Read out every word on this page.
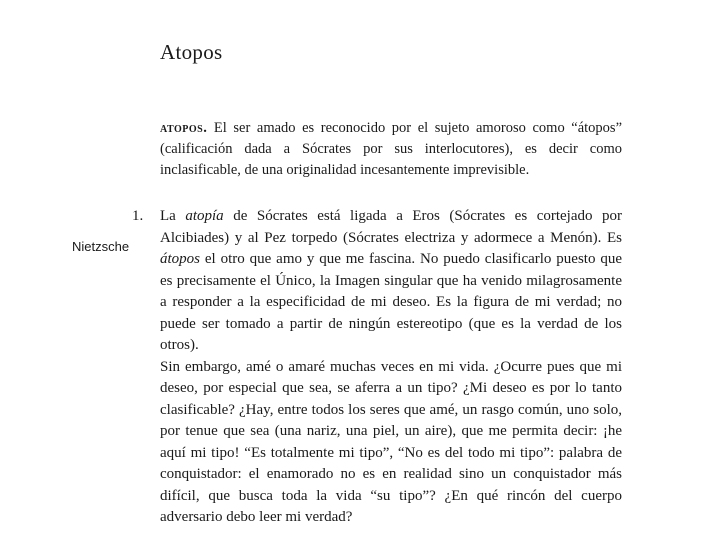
Atopos
atopos. El ser amado es reconocido por el sujeto amoroso como “átopos” (calificación dada a Sócrates por sus interlocutores), es decir como inclasificable, de una originalidad incesantemente imprevisible.
1.
Nietzsche

La atopía de Sócrates está ligada a Eros (Sócrates es cortejado por Alcibiades) y al Pez torpedo (Sócrates electriza y adormece a Menón). Es átopos el otro que amo y que me fascina. No puedo clasificarlo puesto que es precisamente el Único, la Imagen singular que ha venido milagrosamente a responder a la especificidad de mi deseo. Es la figura de mi verdad; no puede ser tomado a partir de ningún estereotipo (que es la verdad de los otros).

Sin embargo, amé o amaré muchas veces en mi vida. ¿Ocurre pues que mi deseo, por especial que sea, se aferra a un tipo? ¿Mi deseo es por lo tanto clasificable? ¿Hay, entre todos los seres que amé, un rasgo común, uno solo, por tenue que sea (una nariz, una piel, un aire), que me permita decir: ¡he aquí mi tipo! “Es totalmente mi tipo”, “No es del todo mi tipo”: palabra de conquistador: el enamorado no es en realidad sino un conquistador más difícil, que busca toda la vida “su tipo”? ¿En qué rincón del cuerpo adversario debo leer mi verdad?
